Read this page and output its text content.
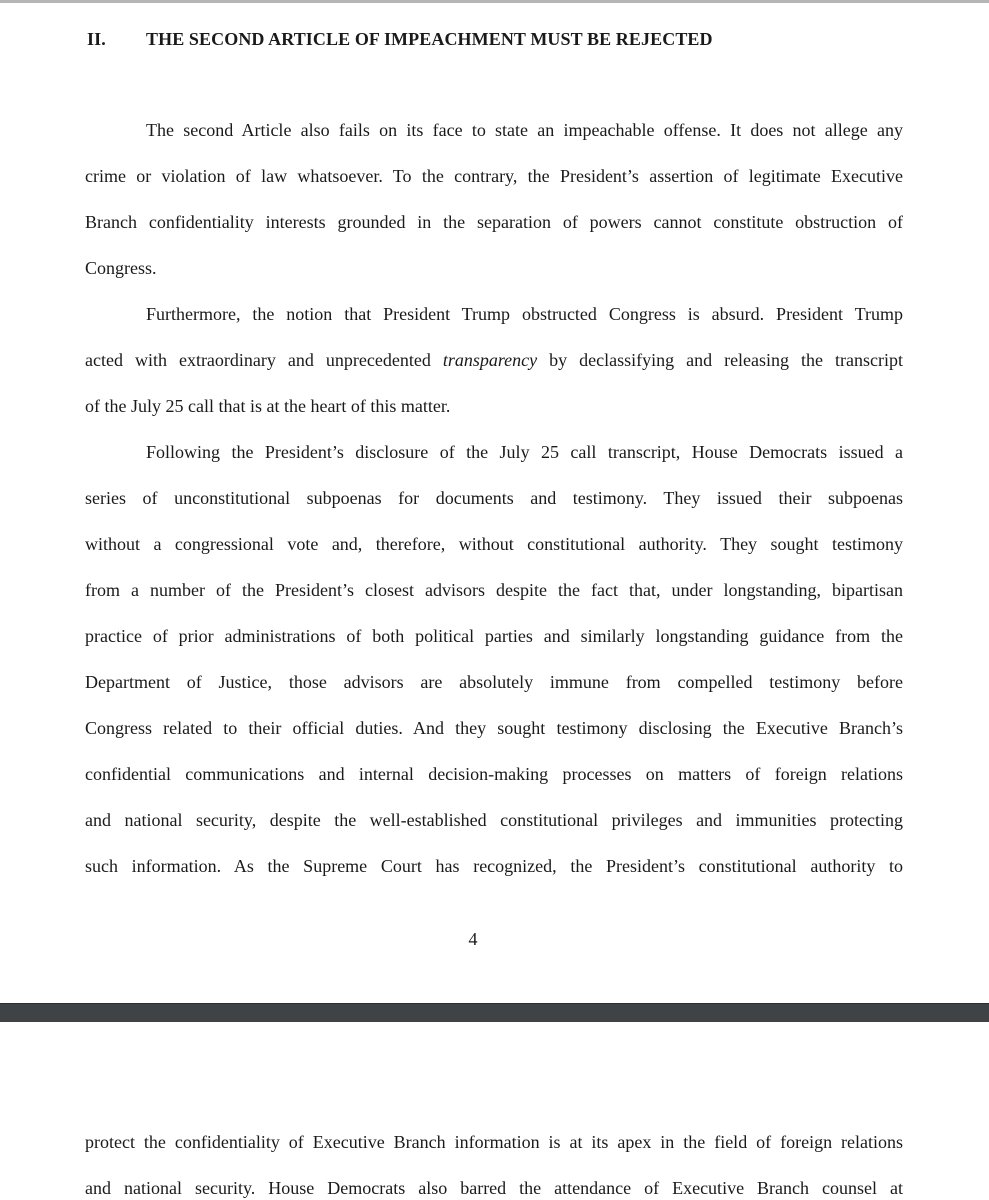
II. THE SECOND ARTICLE OF IMPEACHMENT MUST BE REJECTED
The second Article also fails on its face to state an impeachable offense. It does not allege any
crime or violation of law whatsoever. To the contrary, the President’s assertion of legitimate Executive
Branch confidentiality interests grounded in the separation of powers cannot constitute obstruction of
Congress.
Furthermore, the notion that President Trump obstructed Congress is absurd. President Trump
acted with extraordinary and unprecedented transparency by declassifying and releasing the transcript
of the July 25 call that is at the heart of this matter.
Following the President’s disclosure of the July 25 call transcript, House Democrats issued a
series of unconstitutional subpoenas for documents and testimony. They issued their subpoenas
without a congressional vote and, therefore, without constitutional authority. They sought testimony
from a number of the President’s closest advisors despite the fact that, under longstanding, bipartisan
practice of prior administrations of both political parties and similarly longstanding guidance from the
Department of Justice, those advisors are absolutely immune from compelled testimony before
Congress related to their official duties. And they sought testimony disclosing the Executive Branch’s
confidential communications and internal decision-making processes on matters of foreign relations
and national security, despite the well-established constitutional privileges and immunities protecting
such information. As the Supreme Court has recognized, the President’s constitutional authority to
4
protect the confidentiality of Executive Branch information is at its apex in the field of foreign relations
and national security. House Democrats also barred the attendance of Executive Branch counsel at
